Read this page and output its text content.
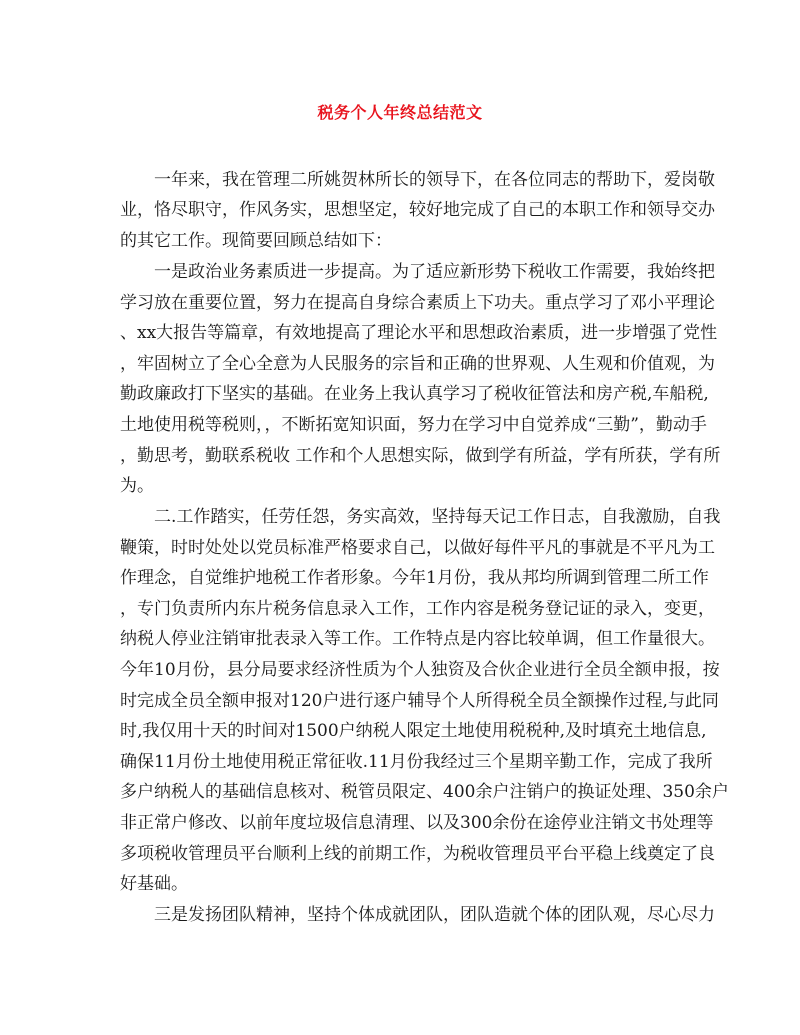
税务个人年终总结范文

一年来，我在管理二所姚贺林所长的领导下，在各位同志的帮助下，爱岗敬

业，恪尽职守，作风务实，思想坚定，较好地完成了自己的本职工作和领导交办

的其它工作。现简要回顾总结如下：

一是政治业务素质进一步提高。为了适应新形势下税收工作需要，我始终把

学习放在重要位置，努力在提高自身综合素质上下功夫。重点学习了邓小平理论

、xx大报告等篇章，有效地提高了理论水平和思想政治素质，进一步增强了党性

，牢固树立了全心全意为人民服务的宗旨和正确的世界观、人生观和价值观，为

勤政廉政打下坚实的基础。在业务上我认真学习了税收征管法和房产税,车船税,

土地使用税等税则，，不断拓宽知识面，努力在学习中自觉养成“三勤”，勤动手

，勤思考，勤联系税收 工作和个人思想实际，做到学有所益，学有所获，学有所

为。

二.工作踏实，任劳任怨，务实高效，坚持每天记工作日志，自我激励，自我

鞭策，时时处处以党员标准严格要求自己，以做好每件平凡的事就是不平凡为工

作理念，自觉维护地税工作者形象。今年1月份，我从邦均所调到管理二所工作

，专门负责所内东片税务信息录入工作，工作内容是税务登记证的录入，变更，

纳税人停业注销审批表录入等工作。工作特点是内容比较单调，但工作量很大。

今年10月份，县分局要求经济性质为个人独资及合伙企业进行全员全额申报，按

时完成全员全额申报对120户进行逐户辅导个人所得税全员全额操作过程,与此同

时,我仅用十天的时间对1500户纳税人限定土地使用税税种,及时填充土地信息,

确保11月份土地使用税正常征收.11月份我经过三个星期辛勤工作，完成了我所

多户纳税人的基础信息核对、税管员限定、400余户注销户的换证处理、350余户

非正常户修改、以前年度垃圾信息清理、以及300余份在途停业注销文书处理等

多项税收管理员平台顺利上线的前期工作，为税收管理员平台平稳上线奠定了良

好基础。

三是发扬团队精神，坚持个体成就团队，团队造就个体的团队观，尽心尽力
